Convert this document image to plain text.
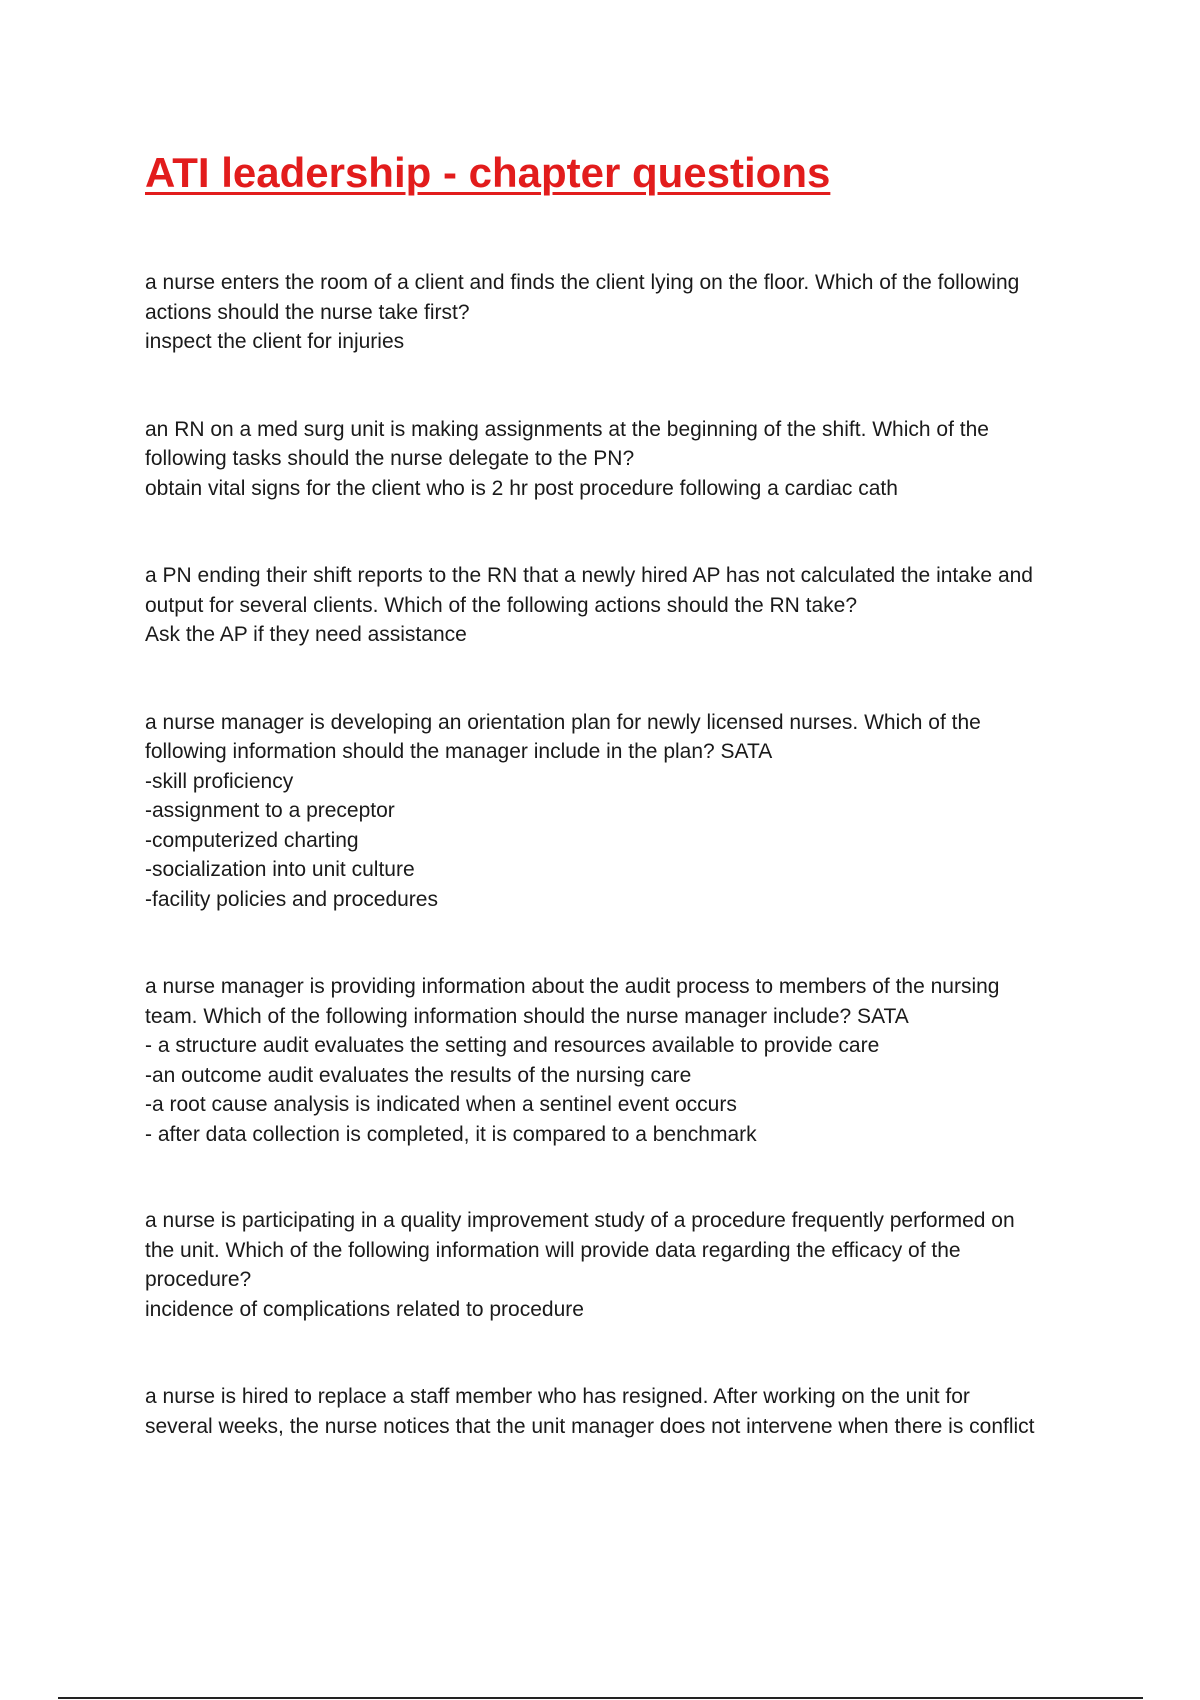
ATI leadership - chapter questions
a nurse enters the room of a client and finds the client lying on the floor. Which of the following
actions should the nurse take first?
inspect the client for injuries
an RN on a med surg unit is making assignments at the beginning of the shift. Which of the
following tasks should the nurse delegate to the PN?
obtain vital signs for the client who is 2 hr post procedure following a cardiac cath
a PN ending their shift reports to the RN that a newly hired AP has not calculated the intake and
output for several clients. Which of the following actions should the RN take?
Ask the AP if they need assistance
a nurse manager is developing an orientation plan for newly licensed nurses. Which of the
following information should the manager include in the plan? SATA
-skill proficiency
-assignment to a preceptor
-computerized charting
-socialization into unit culture
-facility policies and procedures
a nurse manager is providing information about the audit process to members of the nursing
team. Which of the following information should the nurse manager include? SATA
- a structure audit evaluates the setting and resources available to provide care
-an outcome audit evaluates the results of the nursing care
-a root cause analysis is indicated when a sentinel event occurs
- after data collection is completed, it is compared to a benchmark
a nurse is participating in a quality improvement study of a procedure frequently performed on
the unit. Which of the following information will provide data regarding the efficacy of the
procedure?
incidence of complications related to procedure
a nurse is hired to replace a staff member who has resigned. After working on the unit for
several weeks, the nurse notices that the unit manager does not intervene when there is conflict
